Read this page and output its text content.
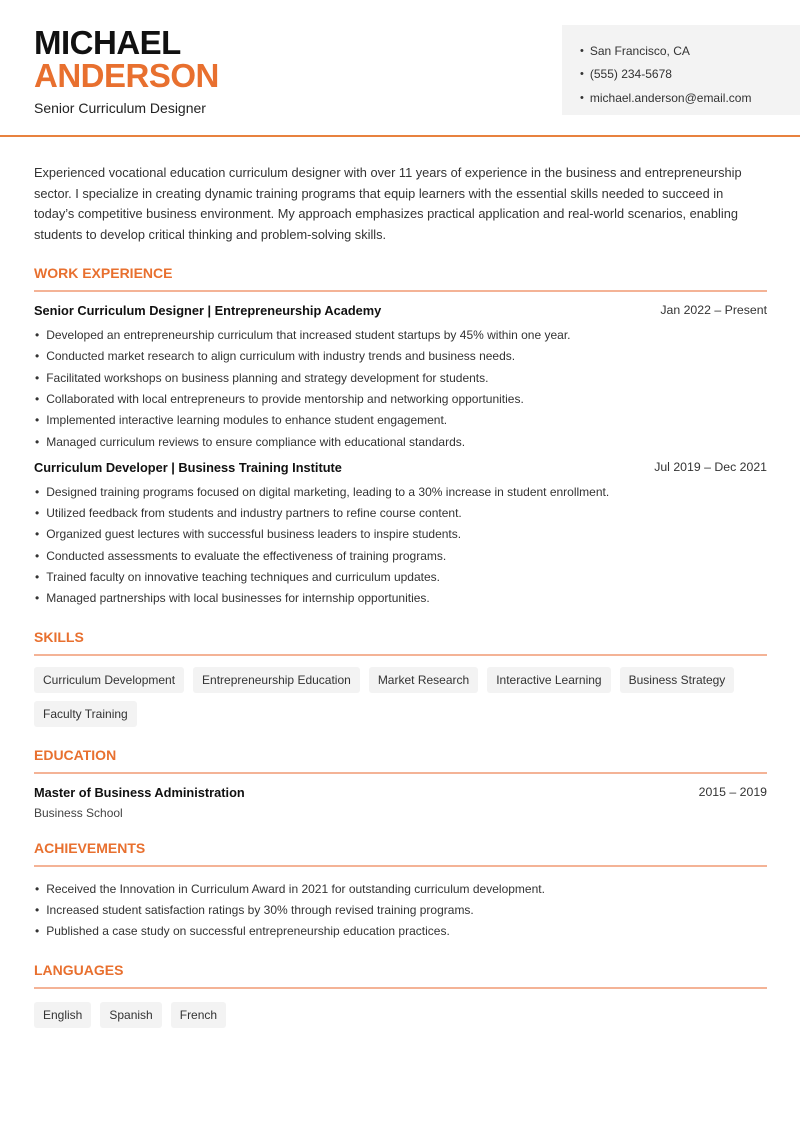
MICHAEL
ANDERSON
Senior Curriculum Designer
• San Francisco, CA
• (555) 234-5678
• michael.anderson@email.com

Experienced vocational education curriculum designer with over 11 years of experience in the business and entrepreneurship sector. I specialize in creating dynamic training programs that equip learners with the essential skills needed to succeed in today’s competitive business environment. My approach emphasizes practical application and real-world scenarios, enabling students to develop critical thinking and problem-solving skills.

WORK EXPERIENCE
Senior Curriculum Designer | Entrepreneurship Academy	Jan 2022 – Present
• Developed an entrepreneurship curriculum that increased student startups by 45% within one year.
• Conducted market research to align curriculum with industry trends and business needs.
• Facilitated workshops on business planning and strategy development for students.
• Collaborated with local entrepreneurs to provide mentorship and networking opportunities.
• Implemented interactive learning modules to enhance student engagement.
• Managed curriculum reviews to ensure compliance with educational standards.
Curriculum Developer | Business Training Institute	Jul 2019 – Dec 2021
• Designed training programs focused on digital marketing, leading to a 30% increase in student enrollment.
• Utilized feedback from students and industry partners to refine course content.
• Organized guest lectures with successful business leaders to inspire students.
• Conducted assessments to evaluate the effectiveness of training programs.
• Trained faculty on innovative teaching techniques and curriculum updates.
• Managed partnerships with local businesses for internship opportunities.
SKILLS
Curriculum Development	Entrepreneurship Education	Market Research	Interactive Learning	Business Strategy
Faculty Training
EDUCATION
Master of Business Administration	2015 – 2019
Business School
ACHIEVEMENTS
• Received the Innovation in Curriculum Award in 2021 for outstanding curriculum development.
• Increased student satisfaction ratings by 30% through revised training programs.
• Published a case study on successful entrepreneurship education practices.
LANGUAGES
English	Spanish	French
